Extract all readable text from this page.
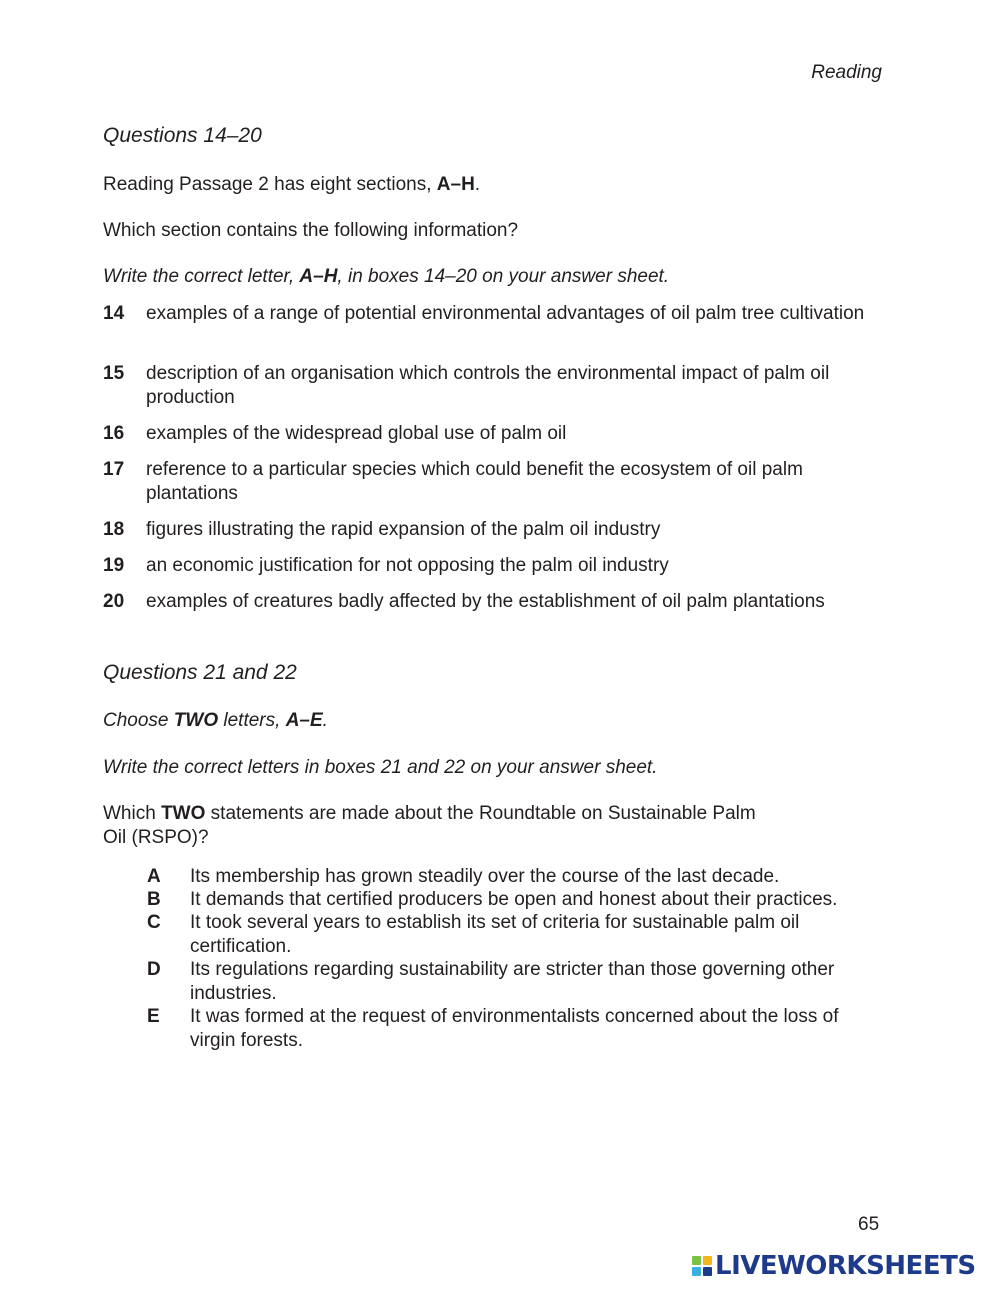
Reading
Questions 14–20
Reading Passage 2 has eight sections, A–H.
Which section contains the following information?
Write the correct letter, A–H, in boxes 14–20 on your answer sheet.
14 examples of a range of potential environmental advantages of oil palm tree cultivation
15 description of an organisation which controls the environmental impact of palm oil production
16 examples of the widespread global use of palm oil
17 reference to a particular species which could benefit the ecosystem of oil palm plantations
18 figures illustrating the rapid expansion of the palm oil industry
19 an economic justification for not opposing the palm oil industry
20 examples of creatures badly affected by the establishment of oil palm plantations
Questions 21 and 22
Choose TWO letters, A–E.
Write the correct letters in boxes 21 and 22 on your answer sheet.
Which TWO statements are made about the Roundtable on Sustainable Palm
Oil (RSPO)?
A Its membership has grown steadily over the course of the last decade.
B It demands that certified producers be open and honest about their practices.
C It took several years to establish its set of criteria for sustainable palm oil certification.
D Its regulations regarding sustainability are stricter than those governing other industries.
E It was formed at the request of environmentalists concerned about the loss of virgin forests.
65
LIVEWORKSHEETS
